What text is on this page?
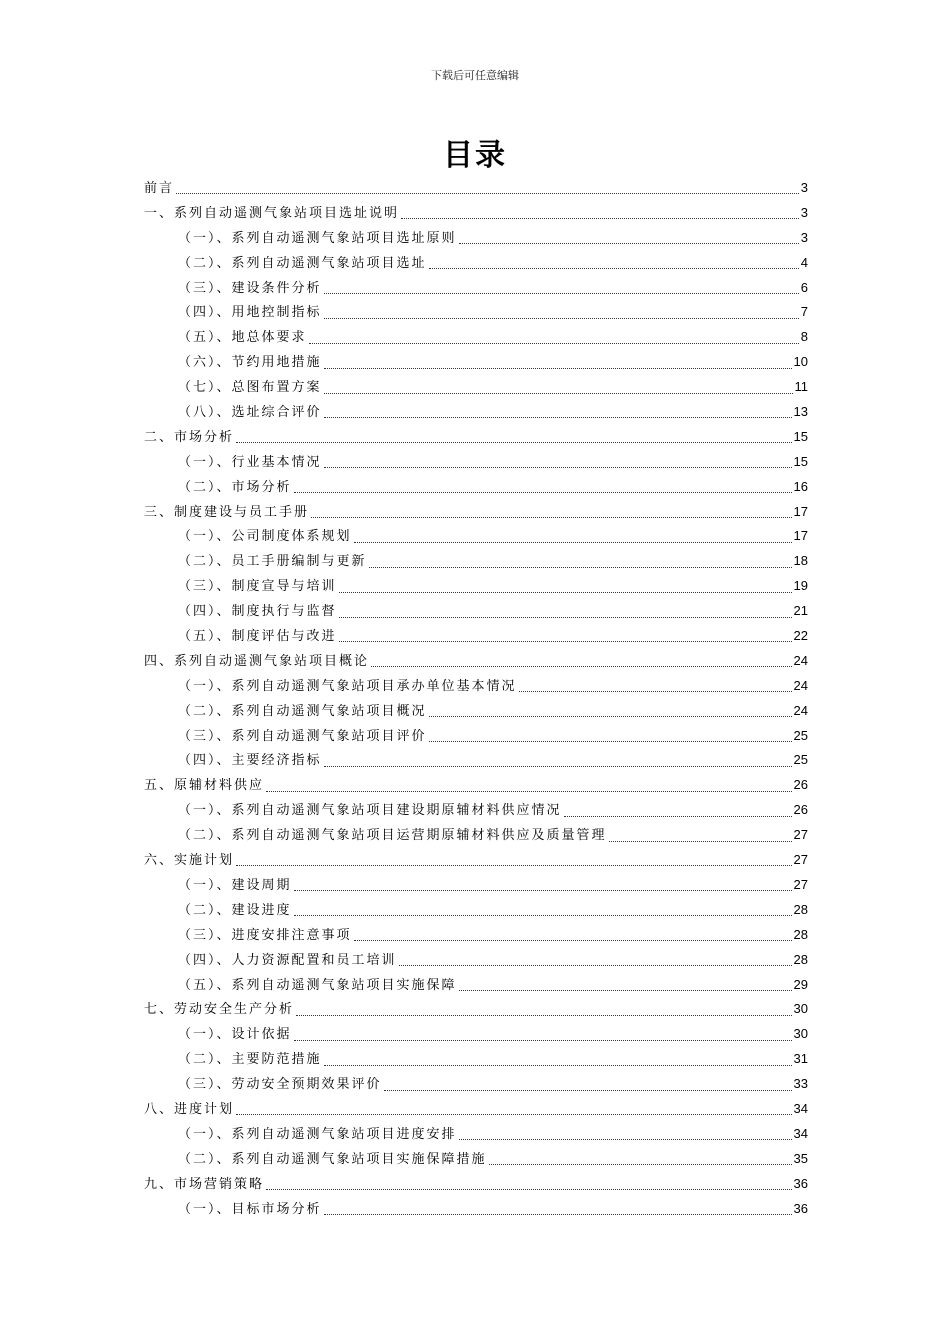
下载后可任意编辑
目录
前言	3
一、系列自动遥测气象站项目选址说明	3
（一）、系列自动遥测气象站项目选址原则	3
（二）、系列自动遥测气象站项目选址	4
（三）、建设条件分析	6
（四）、用地控制指标	7
（五）、地总体要求	8
（六）、节约用地措施	10
（七）、总图布置方案	11
（八）、选址综合评价	13
二、市场分析	15
（一）、行业基本情况	15
（二）、市场分析	16
三、制度建设与员工手册	17
（一）、公司制度体系规划	17
（二）、员工手册编制与更新	18
（三）、制度宣导与培训	19
（四）、制度执行与监督	21
（五）、制度评估与改进	22
四、系列自动遥测气象站项目概论	24
（一）、系列自动遥测气象站项目承办单位基本情况	24
（二）、系列自动遥测气象站项目概况	24
（三）、系列自动遥测气象站项目评价	25
（四）、主要经济指标	25
五、原辅材料供应	26
（一）、系列自动遥测气象站项目建设期原辅材料供应情况	26
（二）、系列自动遥测气象站项目运营期原辅材料供应及质量管理	27
六、实施计划	27
（一）、建设周期	27
（二）、建设进度	28
（三）、进度安排注意事项	28
（四）、人力资源配置和员工培训	28
（五）、系列自动遥测气象站项目实施保障	29
七、劳动安全生产分析	30
（一）、设计依据	30
（二）、主要防范措施	31
（三）、劳动安全预期效果评价	33
八、进度计划	34
（一）、系列自动遥测气象站项目进度安排	34
（二）、系列自动遥测气象站项目实施保障措施	35
九、市场营销策略	36
（一）、目标市场分析	36
